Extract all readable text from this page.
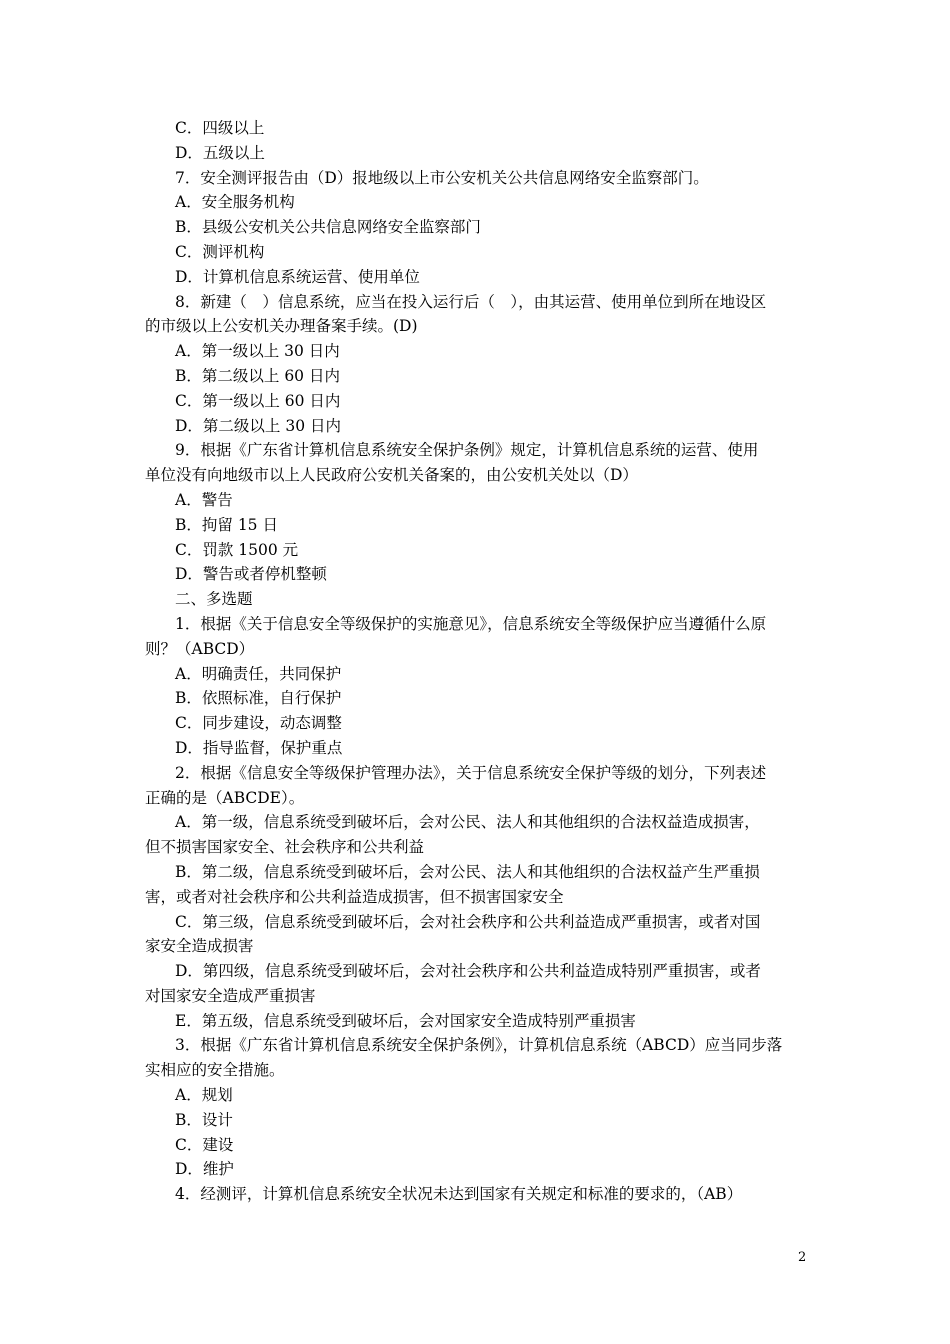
C．四级以上
D．五级以上
7．安全测评报告由（D）报地级以上市公安机关公共信息网络安全监察部门。
A．安全服务机构
B．县级公安机关公共信息网络安全监察部门
C．测评机构
D．计算机信息系统运营、使用单位
8．新建（　）信息系统，应当在投入运行后（　），由其运营、使用单位到所在地设区
的市级以上公安机关办理备案手续。(D)
A．第一级以上 30 日内
B．第二级以上 60 日内
C．第一级以上 60 日内
D．第二级以上 30 日内
9．根据《广东省计算机信息系统安全保护条例》规定，计算机信息系统的运营、使用
单位没有向地级市以上人民政府公安机关备案的，由公安机关处以（D）
A．警告
B．拘留 15 日
C．罚款 1500 元
D．警告或者停机整顿
二、多选题
1．根据《关于信息安全等级保护的实施意见》，信息系统安全等级保护应当遵循什么原
则？（ABCD）
A．明确责任，共同保护
B．依照标准，自行保护
C．同步建设，动态调整
D．指导监督，保护重点
2．根据《信息安全等级保护管理办法》，关于信息系统安全保护等级的划分，下列表述
正确的是（ABCDE）。
A．第一级，信息系统受到破坏后，会对公民、法人和其他组织的合法权益造成损害，
但不损害国家安全、社会秩序和公共利益
B．第二级，信息系统受到破坏后，会对公民、法人和其他组织的合法权益产生严重损
害，或者对社会秩序和公共利益造成损害，但不损害国家安全
C．第三级，信息系统受到破坏后，会对社会秩序和公共利益造成严重损害，或者对国
家安全造成损害
D．第四级，信息系统受到破坏后，会对社会秩序和公共利益造成特别严重损害，或者
对国家安全造成严重损害
E．第五级，信息系统受到破坏后，会对国家安全造成特别严重损害
3．根据《广东省计算机信息系统安全保护条例》，计算机信息系统（ABCD）应当同步落
实相应的安全措施。
A．规划
B．设计
C．建设
D．维护
4．经测评，计算机信息系统安全状况未达到国家有关规定和标准的要求的，（AB）
2
